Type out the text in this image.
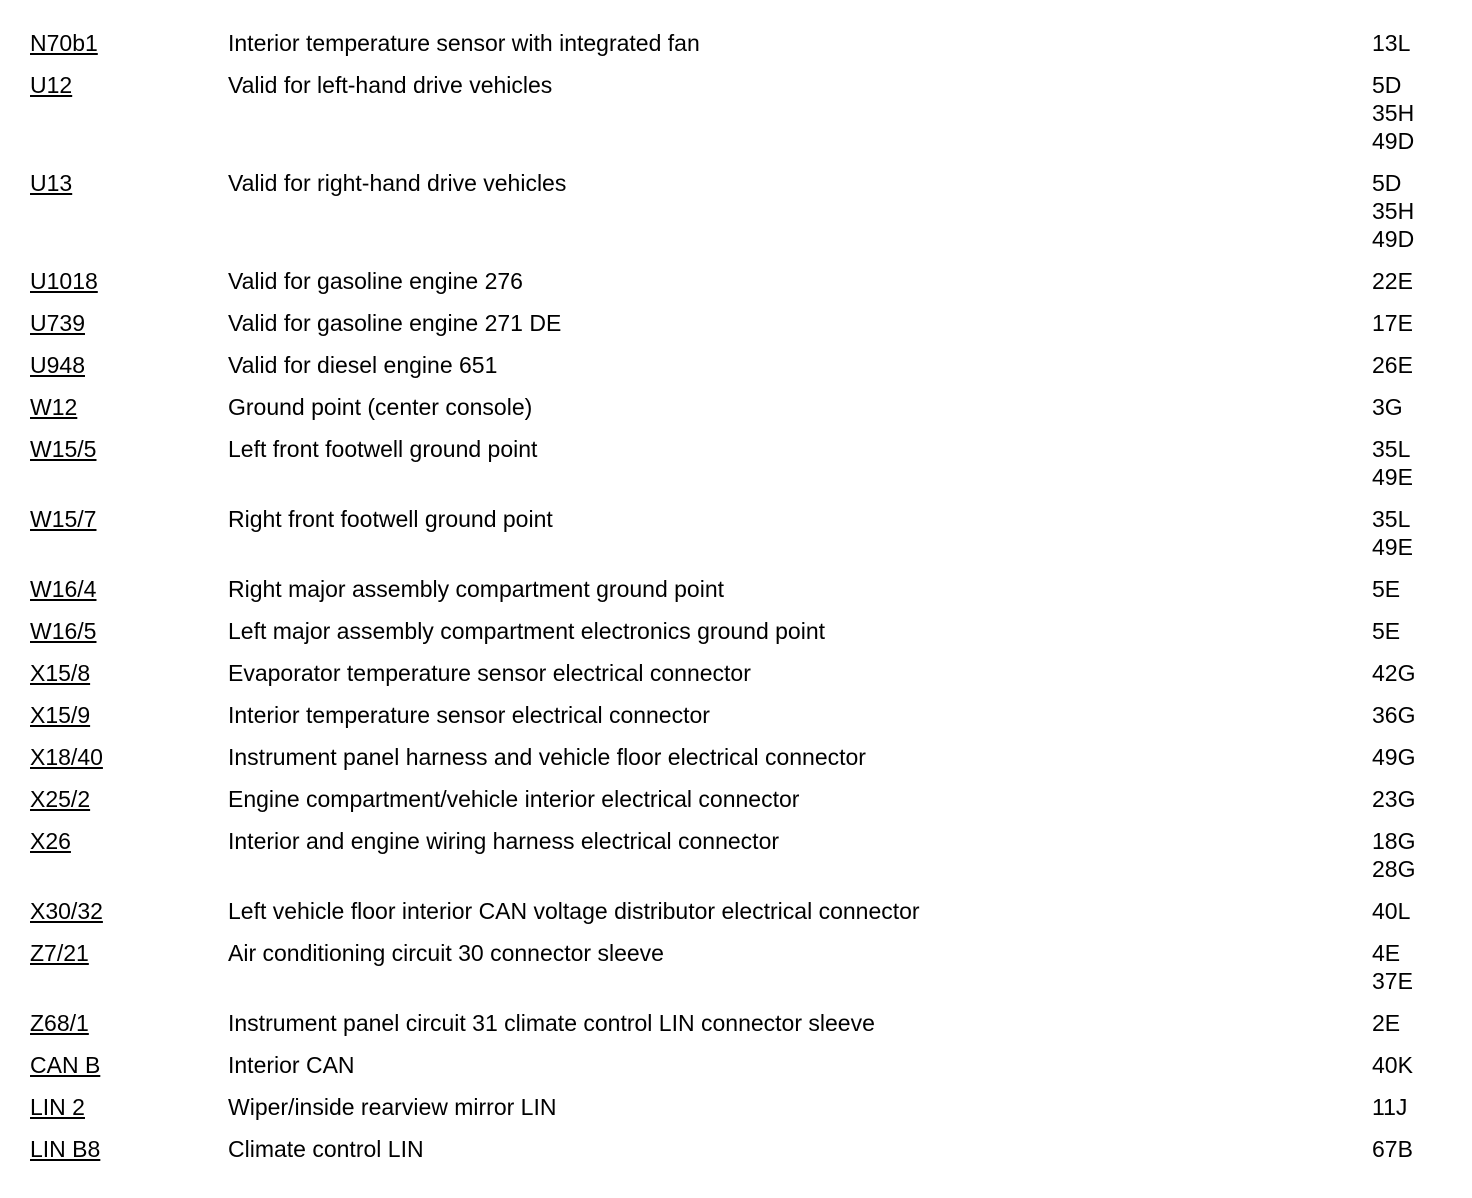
N70b1	Interior temperature sensor with integrated fan	13L
U12	Valid for left-hand drive vehicles	5D
35H
49D
U13	Valid for right-hand drive vehicles	5D
35H
49D
U1018	Valid for gasoline engine 276	22E
U739	Valid for gasoline engine 271 DE	17E
U948	Valid for diesel engine 651	26E
W12	Ground point (center console)	3G
W15/5	Left front footwell ground point	35L
49E
W15/7	Right front footwell ground point	35L
49E
W16/4	Right major assembly compartment ground point	5E
W16/5	Left major assembly compartment electronics ground point	5E
X15/8	Evaporator temperature sensor electrical connector	42G
X15/9	Interior temperature sensor electrical connector	36G
X18/40	Instrument panel harness and vehicle floor electrical connector	49G
X25/2	Engine compartment/vehicle interior electrical connector	23G
X26	Interior and engine wiring harness electrical connector	18G
28G
X30/32	Left vehicle floor interior CAN voltage distributor electrical connector	40L
Z7/21	Air conditioning circuit 30 connector sleeve	4E
37E
Z68/1	Instrument panel circuit 31 climate control LIN connector sleeve	2E
CAN B	Interior CAN	40K
LIN 2	Wiper/inside rearview mirror LIN	11J
LIN B8	Climate control LIN	67B
